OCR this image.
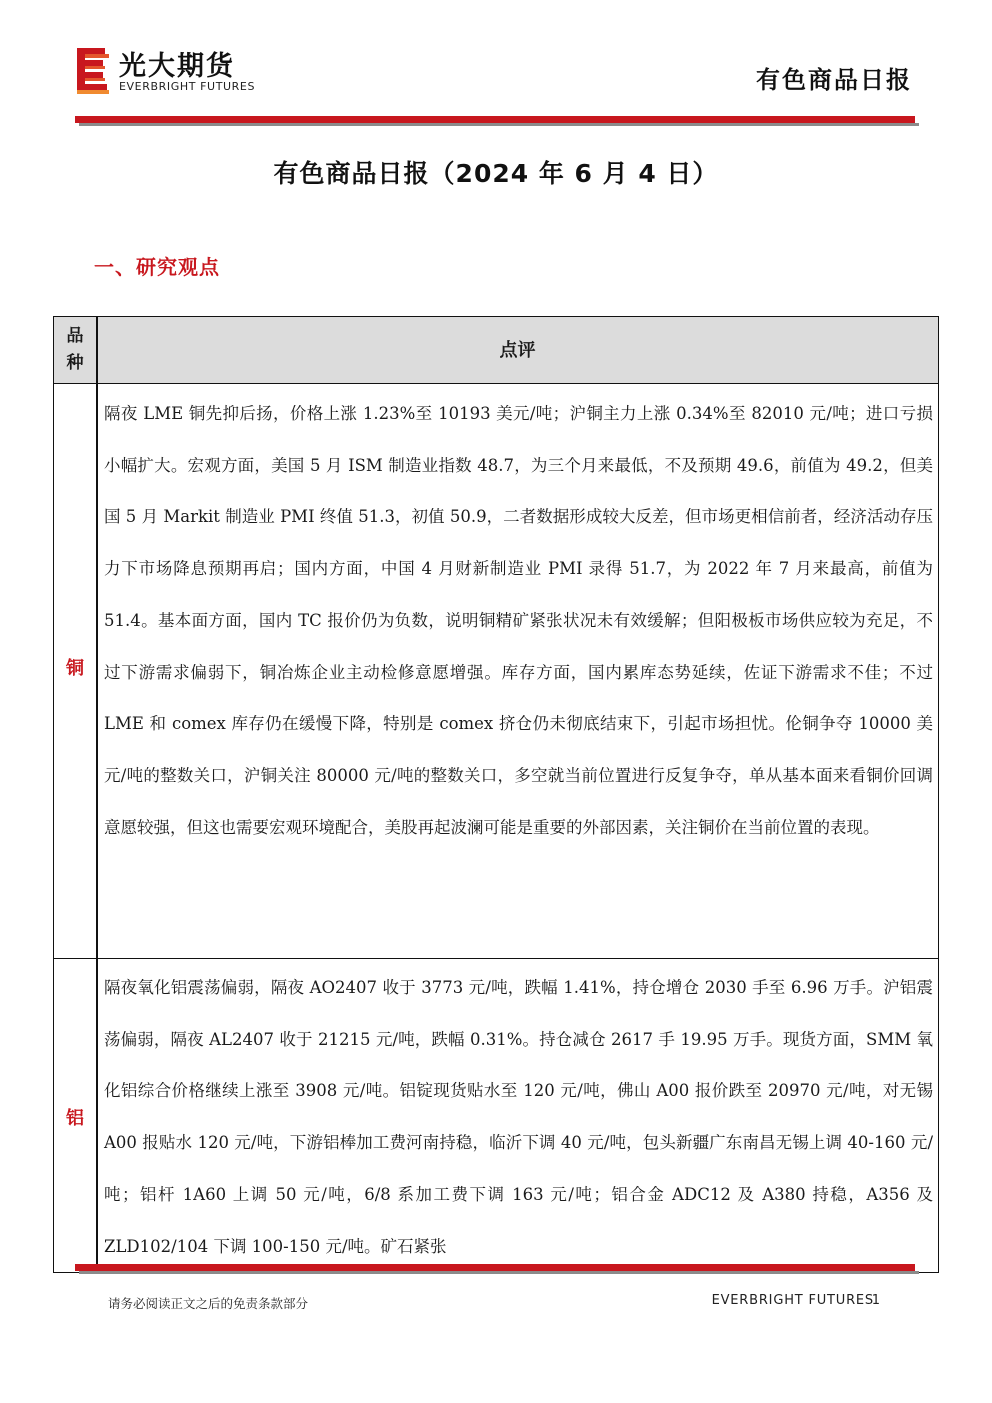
光大期货
EVERBRIGHT FUTURES	有色商品日报
有色商品日报（2024 年 6 月 4 日）
一、研究观点
品种
点评
铜
隔夜 LME 铜先抑后扬，价格上涨 1.23%至 10193 美元/吨；沪铜主力上涨 0.34%至 82010 元/吨；进口亏损小幅扩大。宏观方面，美国 5 月 ISM 制造业指数 48.7，为三个月来最低，不及预期 49.6，前值为 49.2，但美国 5 月 Markit 制造业 PMI 终值 51.3，初值 50.9，二者数据形成较大反差，但市场更相信前者，经济活动存压力下市场降息预期再启；国内方面，中国 4 月财新制造业 PMI 录得 51.7，为 2022 年 7 月来最高，前值为 51.4。基本面方面，国内 TC 报价仍为负数，说明铜精矿紧张状况未有效缓解；但阳极板市场供应较为充足，不过下游需求偏弱下，铜冶炼企业主动检修意愿增强。库存方面，国内累库态势延续，佐证下游需求不佳；不过 LME 和 comex 库存仍在缓慢下降，特别是 comex 挤仓仍未彻底结束下，引起市场担忧。伦铜争夺 10000 美元/吨的整数关口，沪铜关注 80000 元/吨的整数关口，多空就当前位置进行反复争夺，单从基本面来看铜价回调意愿较强，但这也需要宏观环境配合，美股再起波澜可能是重要的外部因素，关注铜价在当前位置的表现。
铝
隔夜氧化铝震荡偏弱，隔夜 AO2407 收于 3773 元/吨，跌幅 1.41%，持仓增仓 2030 手至 6.96 万手。沪铝震荡偏弱，隔夜 AL2407 收于 21215 元/吨，跌幅 0.31%。持仓减仓 2617 手 19.95 万手。现货方面，SMM 氧化铝综合价格继续上涨至 3908 元/吨。铝锭现货贴水至 120 元/吨，佛山 A00 报价跌至 20970 元/吨，对无锡 A00 报贴水 120 元/吨，下游铝棒加工费河南持稳，临沂下调 40 元/吨，包头新疆广东南昌无锡上调 40-160 元/吨；铝杆 1A60 上调 50 元/吨，6/8 系加工费下调 163 元/吨；铝合金 ADC12 及 A380 持稳，A356 及 ZLD102/104 下调 100-150 元/吨。矿石紧张
请务必阅读正文之后的免责条款部分	EVERBRIGHT FUTURES
1
